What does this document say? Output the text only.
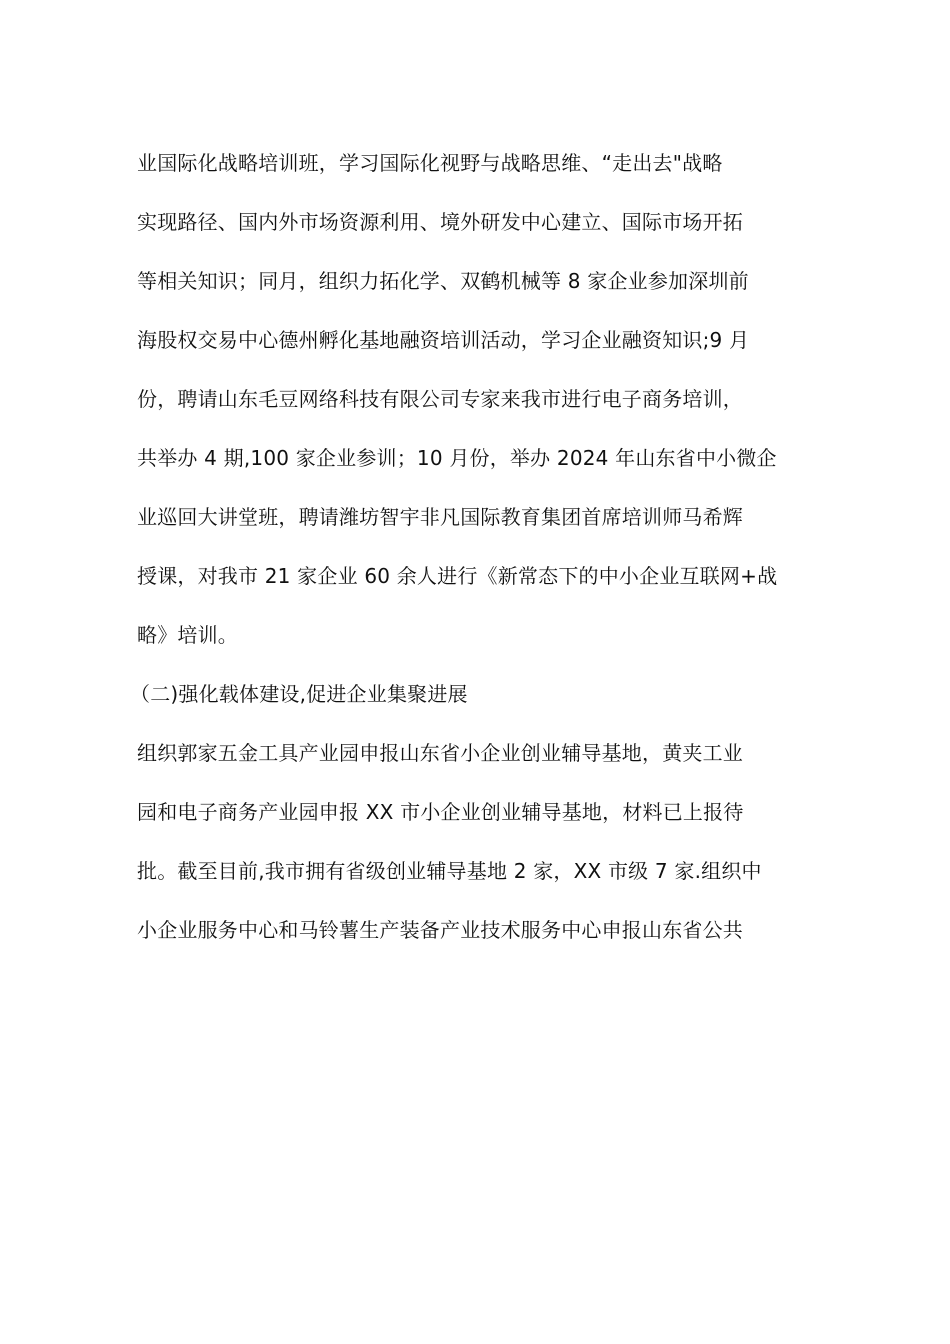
业国际化战略培训班，学习国际化视野与战略思维、“走出去"战略
实现路径、国内外市场资源利用、境外研发中心建立、国际市场开拓
等相关知识；同月，组织力拓化学、双鹤机械等 8 家企业参加深圳前
海股权交易中心德州孵化基地融资培训活动，学习企业融资知识;9 月
份，聘请山东毛豆网络科技有限公司专家来我市进行电子商务培训，
共举办 4 期,100 家企业参训；10 月份，举办 2024 年山东省中小微企
业巡回大讲堂班，聘请潍坊智宇非凡国际教育集团首席培训师马希辉
授课，对我市 21 家企业 60 余人进行《新常态下的中小企业互联网+战
略》培训。
（二)强化载体建设,促进企业集聚进展
组织郭家五金工具产业园申报山东省小企业创业辅导基地，黄夹工业
园和电子商务产业园申报 XX 市小企业创业辅导基地，材料已上报待
批。截至目前,我市拥有省级创业辅导基地 2 家，XX 市级 7 家.组织中
小企业服务中心和马铃薯生产装备产业技术服务中心申报山东省公共
